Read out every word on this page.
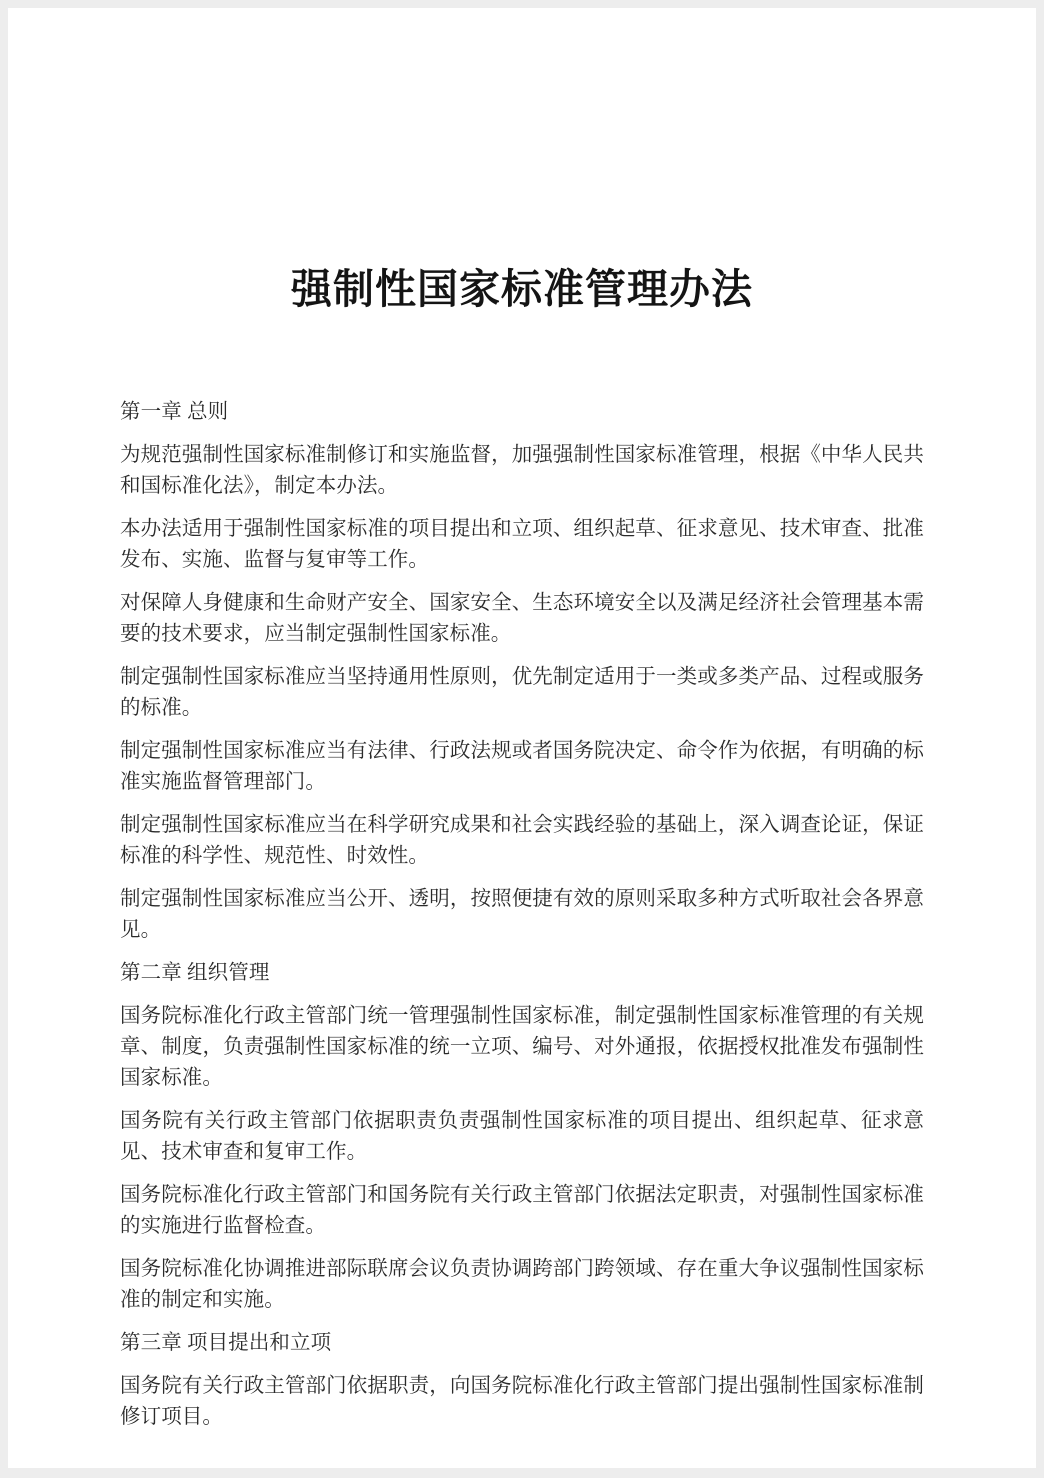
强制性国家标准管理办法

第一章 总则

为规范强制性国家标准制修订和实施监督，加强强制性国家标准管理，根据《中华人民共和国标准化法》，制定本办法。

本办法适用于强制性国家标准的项目提出和立项、组织起草、征求意见、技术审查、批准发布、实施、监督与复审等工作。

对保障人身健康和生命财产安全、国家安全、生态环境安全以及满足经济社会管理基本需要的技术要求，应当制定强制性国家标准。

制定强制性国家标准应当坚持通用性原则，优先制定适用于一类或多类产品、过程或服务的标准。

制定强制性国家标准应当有法律、行政法规或者国务院决定、命令作为依据，有明确的标准实施监督管理部门。

制定强制性国家标准应当在科学研究成果和社会实践经验的基础上，深入调查论证，保证标准的科学性、规范性、时效性。

制定强制性国家标准应当公开、透明，按照便捷有效的原则采取多种方式听取社会各界意见。

第二章 组织管理

国务院标准化行政主管部门统一管理强制性国家标准，制定强制性国家标准管理的有关规章、制度，负责强制性国家标准的统一立项、编号、对外通报，依据授权批准发布强制性国家标准。

国务院有关行政主管部门依据职责负责强制性国家标准的项目提出、组织起草、征求意见、技术审查和复审工作。

国务院标准化行政主管部门和国务院有关行政主管部门依据法定职责，对强制性国家标准的实施进行监督检查。

国务院标准化协调推进部际联席会议负责协调跨部门跨领域、存在重大争议强制性国家标准的制定和实施。

第三章 项目提出和立项

国务院有关行政主管部门依据职责，向国务院标准化行政主管部门提出强制性国家标准制修订项目。
